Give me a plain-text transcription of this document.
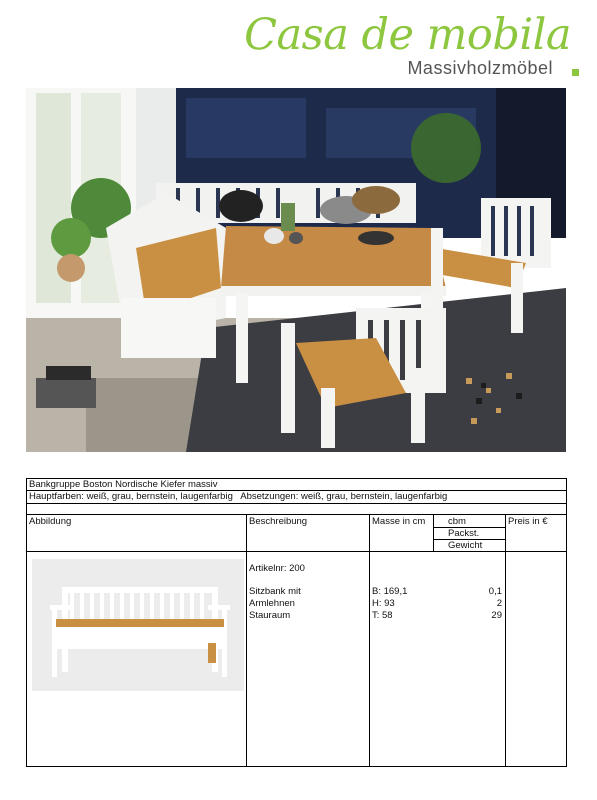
Casa de mobila
Massivholzmöbel
Bankgruppe Boston Nordische Kiefer massiv
Hauptfarben: weiß, grau, bernstein, laugenfarbig   Absetzungen: weiß, grau, bernstein, laugenfarbig
Abbildung	Beschreibung	Masse in cm cbm
Packst.
Gewicht
Preis in €
Artikelnr: 200
Sitzbank mit
Armlehnen
Stauraum
B: 169,1
H: 93
T: 58
0,1
2
29
